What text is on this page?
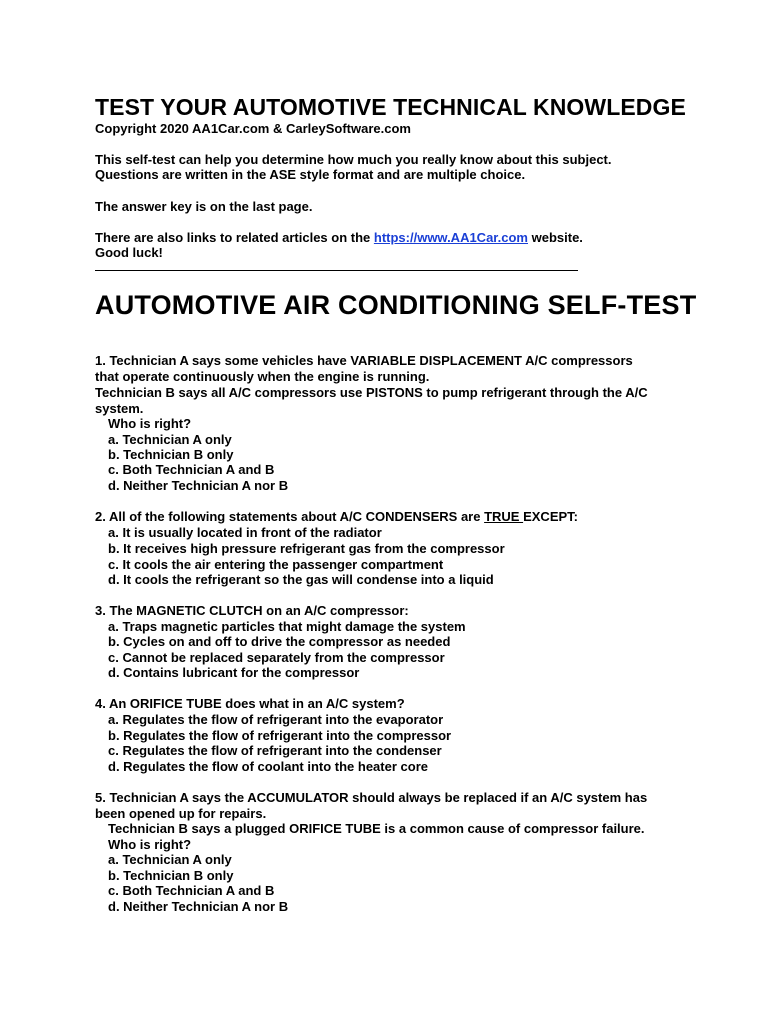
TEST YOUR AUTOMOTIVE TECHNICAL KNOWLEDGE
Copyright 2020 AA1Car.com & CarleySoftware.com
This self-test can help you determine how much you really know about this subject.
Questions are written in the ASE style format and are multiple choice.
The answer key is on the last page.
There are also links to related articles on the https://www.AA1Car.com website.
Good luck!
AUTOMOTIVE AIR CONDITIONING SELF-TEST
1. Technician A says some vehicles have VARIABLE DISPLACEMENT A/C compressors
that operate continuously when the engine is running.
Technician B says all A/C compressors use PISTONS to pump refrigerant through the A/C
system.
Who is right?
a. Technician A only
b. Technician B only
c. Both Technician A and B
d. Neither Technician A nor B
2. All of the following statements about A/C CONDENSERS are TRUE EXCEPT:
a. It is usually located in front of the radiator
b. It receives high pressure refrigerant gas from the compressor
c. It cools the air entering the passenger compartment
d. It cools the refrigerant so the gas will condense into a liquid
3. The MAGNETIC CLUTCH on an A/C compressor:
a. Traps magnetic particles that might damage the system
b. Cycles on and off to drive the compressor as needed
c. Cannot be replaced separately from the compressor
d. Contains lubricant for the compressor
4. An ORIFICE TUBE does what in an A/C system?
a. Regulates the flow of refrigerant into the evaporator
b. Regulates the flow of refrigerant into the compressor
c. Regulates the flow of refrigerant into the condenser
d. Regulates the flow of coolant into the heater core
5. Technician A says the ACCUMULATOR should always be replaced if an A/C system has
been opened up for repairs.
Technician B says a plugged ORIFICE TUBE is a common cause of compressor failure.
Who is right?
a. Technician A only
b. Technician B only
c. Both Technician A and B
d. Neither Technician A nor B
